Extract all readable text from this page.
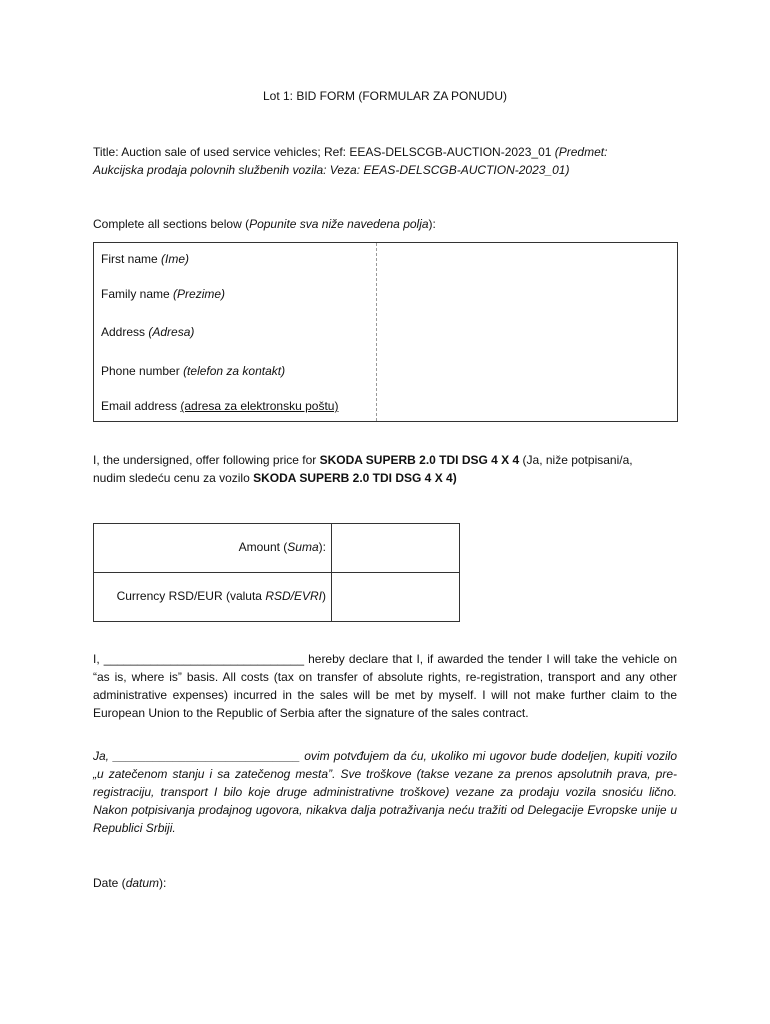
Lot 1: BID FORM (FORMULAR ZA PONUDU)

Title: Auction sale of used service vehicles; Ref: EEAS-DELSCGB-AUCTION-2023_01 (Predmet:
Aukcijska prodaja polovnih službenih vozila: Veza: EEAS-DELSCGB-AUCTION-2023_01)

Complete all sections below (Popunite sva niže navedena polja):

First name (Ime)
Family name (Prezime)
Address (Adresa)
Phone number (telefon za kontakt)
Email address (adresa za elektronsku poštu)

I, the undersigned, offer following price for SKODA SUPERB 2.0 TDI DSG 4 X 4 (Ja, niže potpisani/a,
nudim sledeću cenu za vozilo SKODA SUPERB 2.0 TDI DSG 4 X 4)

Amount (Suma):
Currency RSD/EUR (valuta RSD/EVRI)

I, ______________________________ hereby declare that I, if awarded the tender I will take the vehicle on “as is, where is” basis. All costs (tax on transfer of absolute rights, re-registration, transport and any other administrative expenses) incurred in the sales will be met by myself. I will not make further claim to the European Union to the Republic of Serbia after the signature of the sales contract.

Ja, ____________________________ ovim potvđujem da ću, ukoliko mi ugovor bude dodeljen, kupiti vozilo „u zatečenom stanju i sa zatečenog mesta”. Sve troškove (takse vezane za prenos apsolutnih prava, pre-registraciju, transport I bilo koje druge administrativne troškove) vezane za prodaju vozila snosiću lično. Nakon potpisivanja prodajnog ugovora, nikakva dalja potraživanja neću tražiti od Delegacije Evropske unije u Republici Srbiji.

Date (datum):
